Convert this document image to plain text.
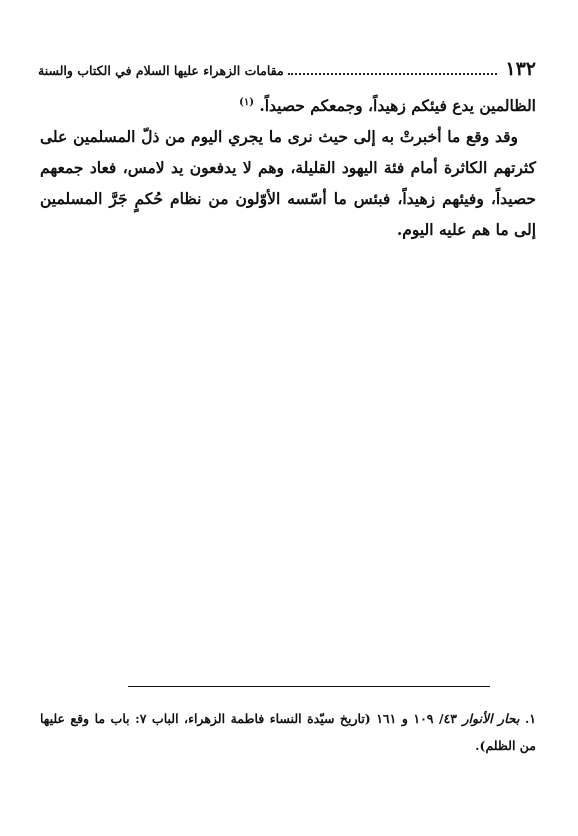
١٣٢
مقامات الزهراء عليها السلام في الكتاب والسنة

الظالمين يدع فيئكم زهيداً، وجمعكم حصيداً. $^{(١)}$

وقد وقع ما أخبرتْ به إلى حيث نرى ما يجري اليوم من ذلّ المسلمين على كثرتهم الكاثرة أمام فئة اليهود القليلة، وهم لا يدفعون يد لامس، فعاد جمعهم حصيداً، وفيئهم زهيداً، فبئس ما أسّسه الأوّلون من نظام حُكمٍ جَرَّ المسلمين إلى ما هم عليه اليوم.

١. بحار الأنوار ٤٣/ ١٠٩ و ١٦١ (تاريخ سيّدة النساء فاطمة الزهراء، الباب ٧: باب ما وقع عليها من الظلم).
